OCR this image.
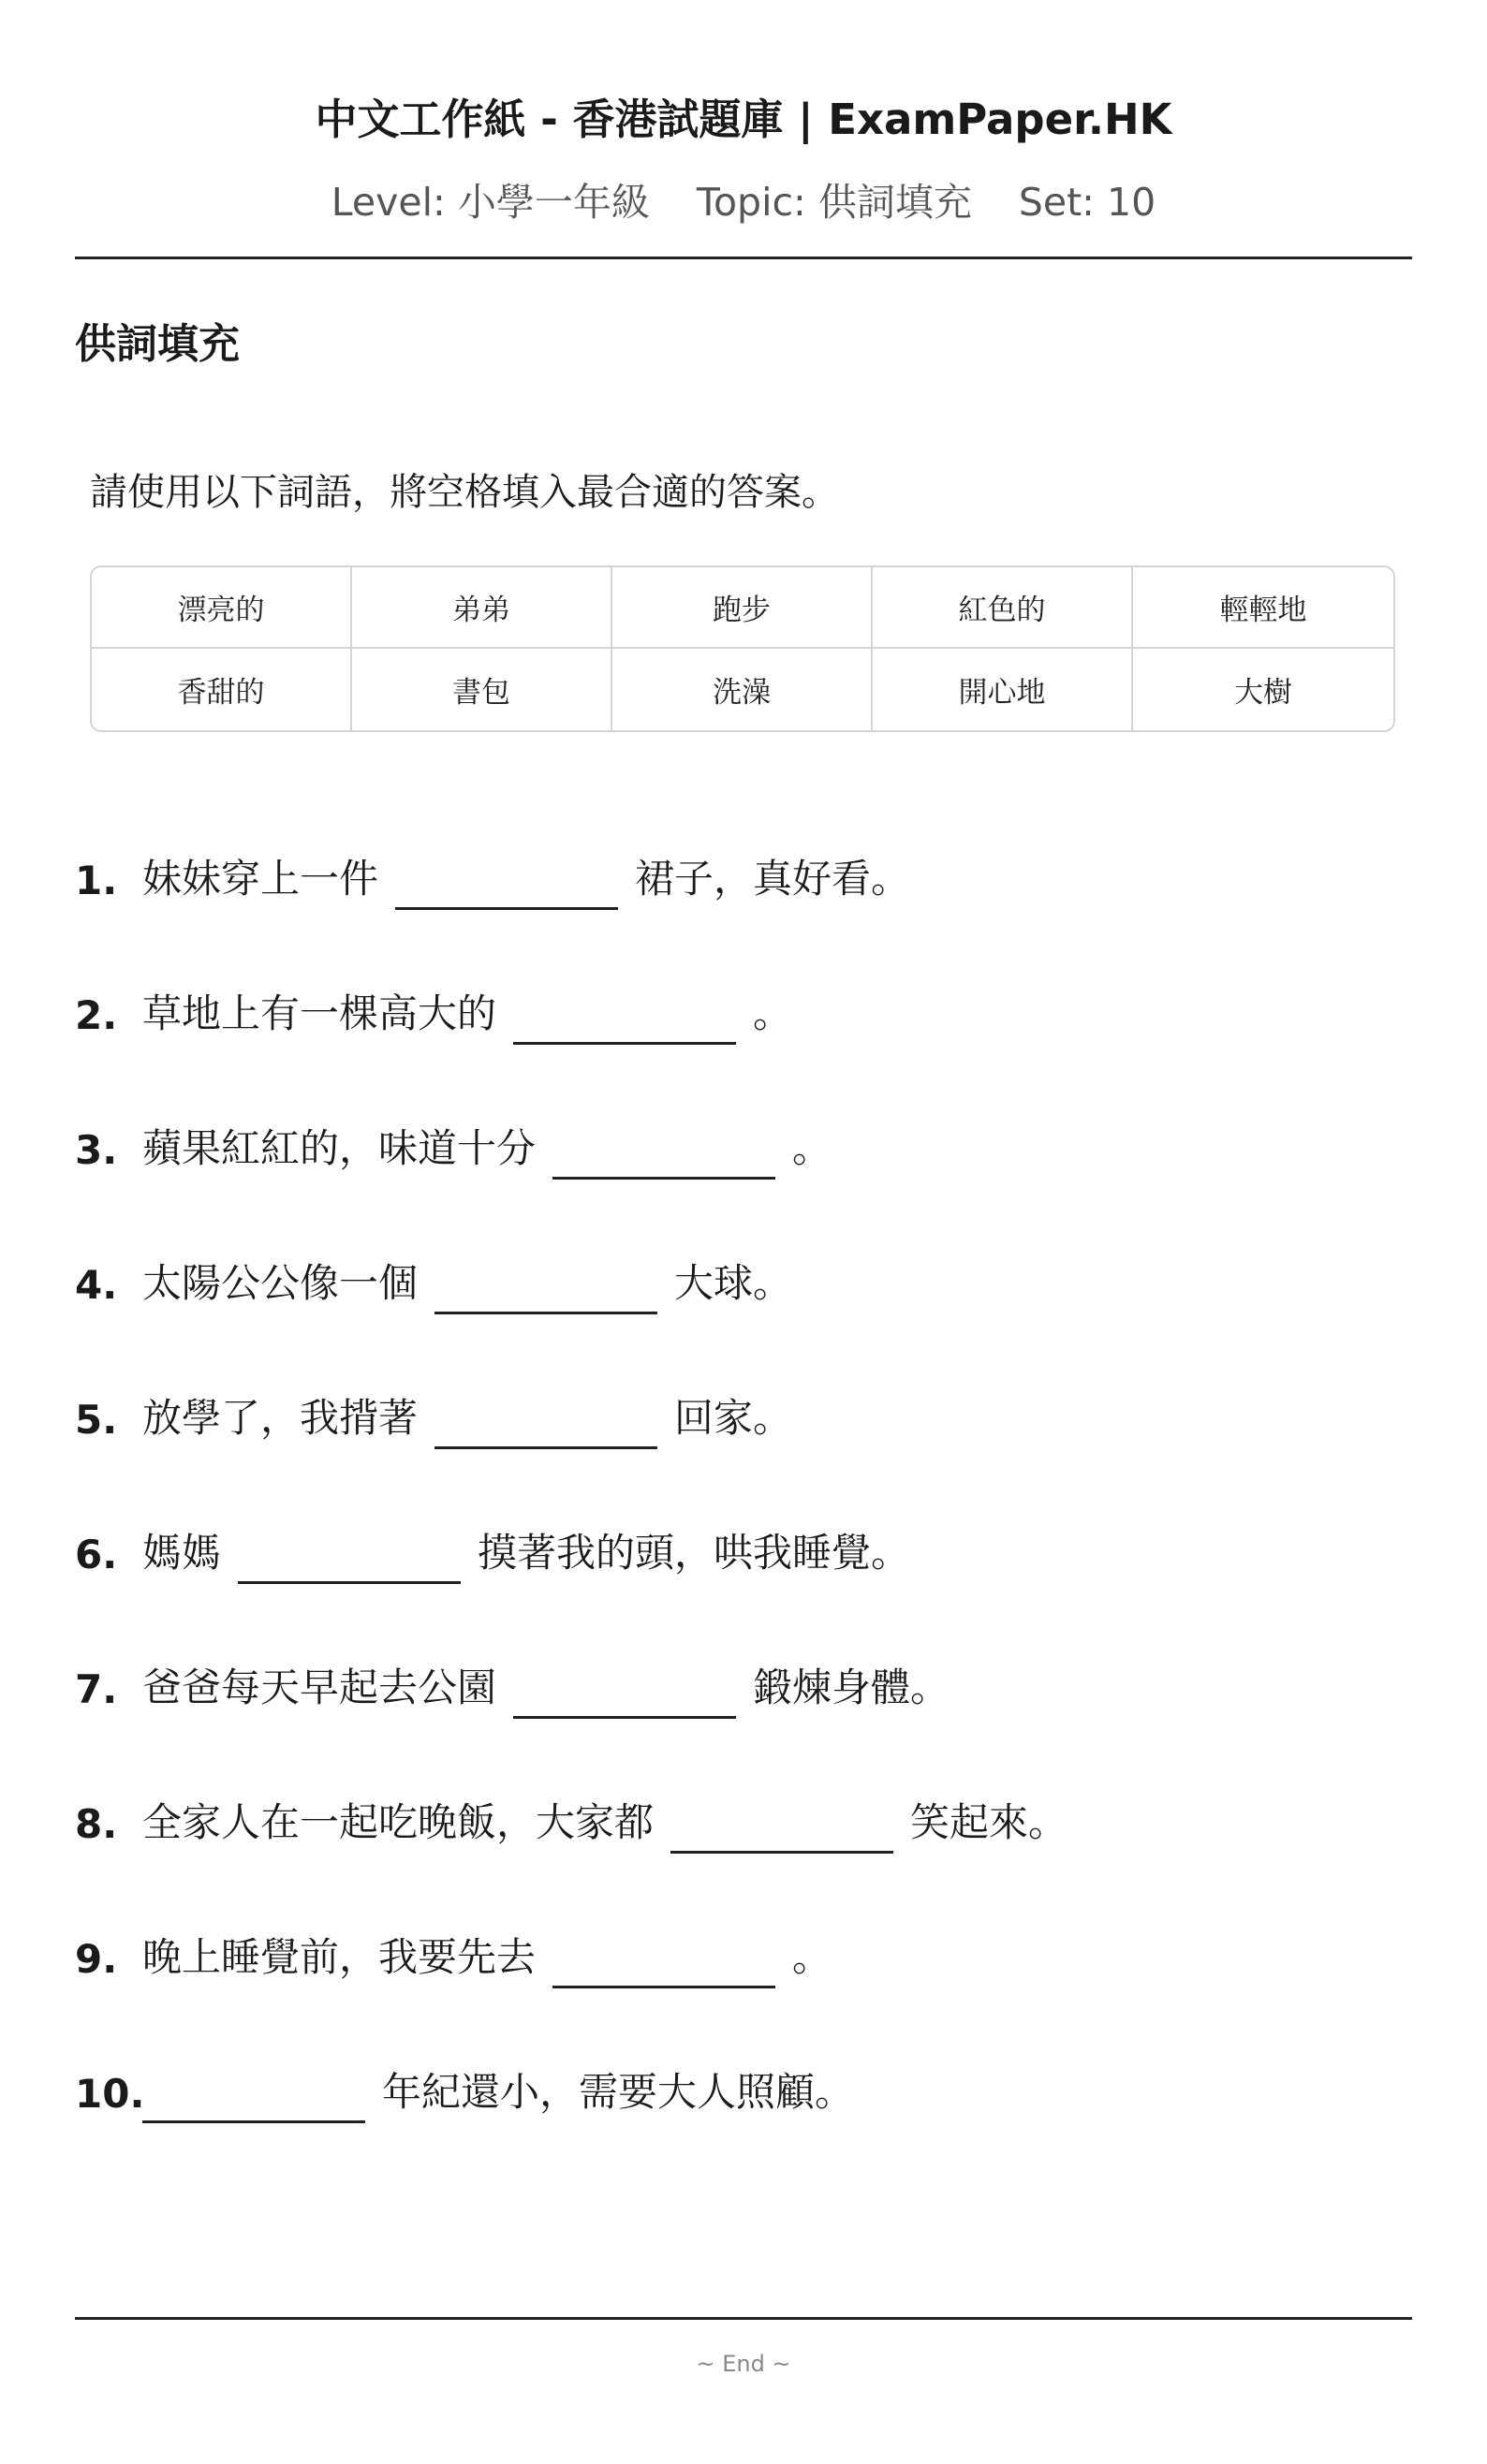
中文工作紙 - 香港試題庫 | ExamPaper.HK
Level: 小學一年級 Topic: 供詞填充 Set: 10
供詞填充
請使用以下詞語，將空格填入最合適的答案。
漂亮的	弟弟	跑步	紅色的	輕輕地
香甜的	書包	洗澡	開心地	大樹
1. 妹妹穿上一件	裙子，真好看。
2. 草地上有一棵高大的	。
3. 蘋果紅紅的，味道十分	。
4. 太陽公公像一個	大球。
5. 放學了，我揹著	回家。
6. 媽媽	摸著我的頭，哄我睡覺。
7. 爸爸每天早起去公園	鍛煉身體。
8. 全家人在一起吃晚飯，大家都	笑起來。
9. 晚上睡覺前，我要先去	。
10.	年紀還小，需要大人照顧。
~ End ~
